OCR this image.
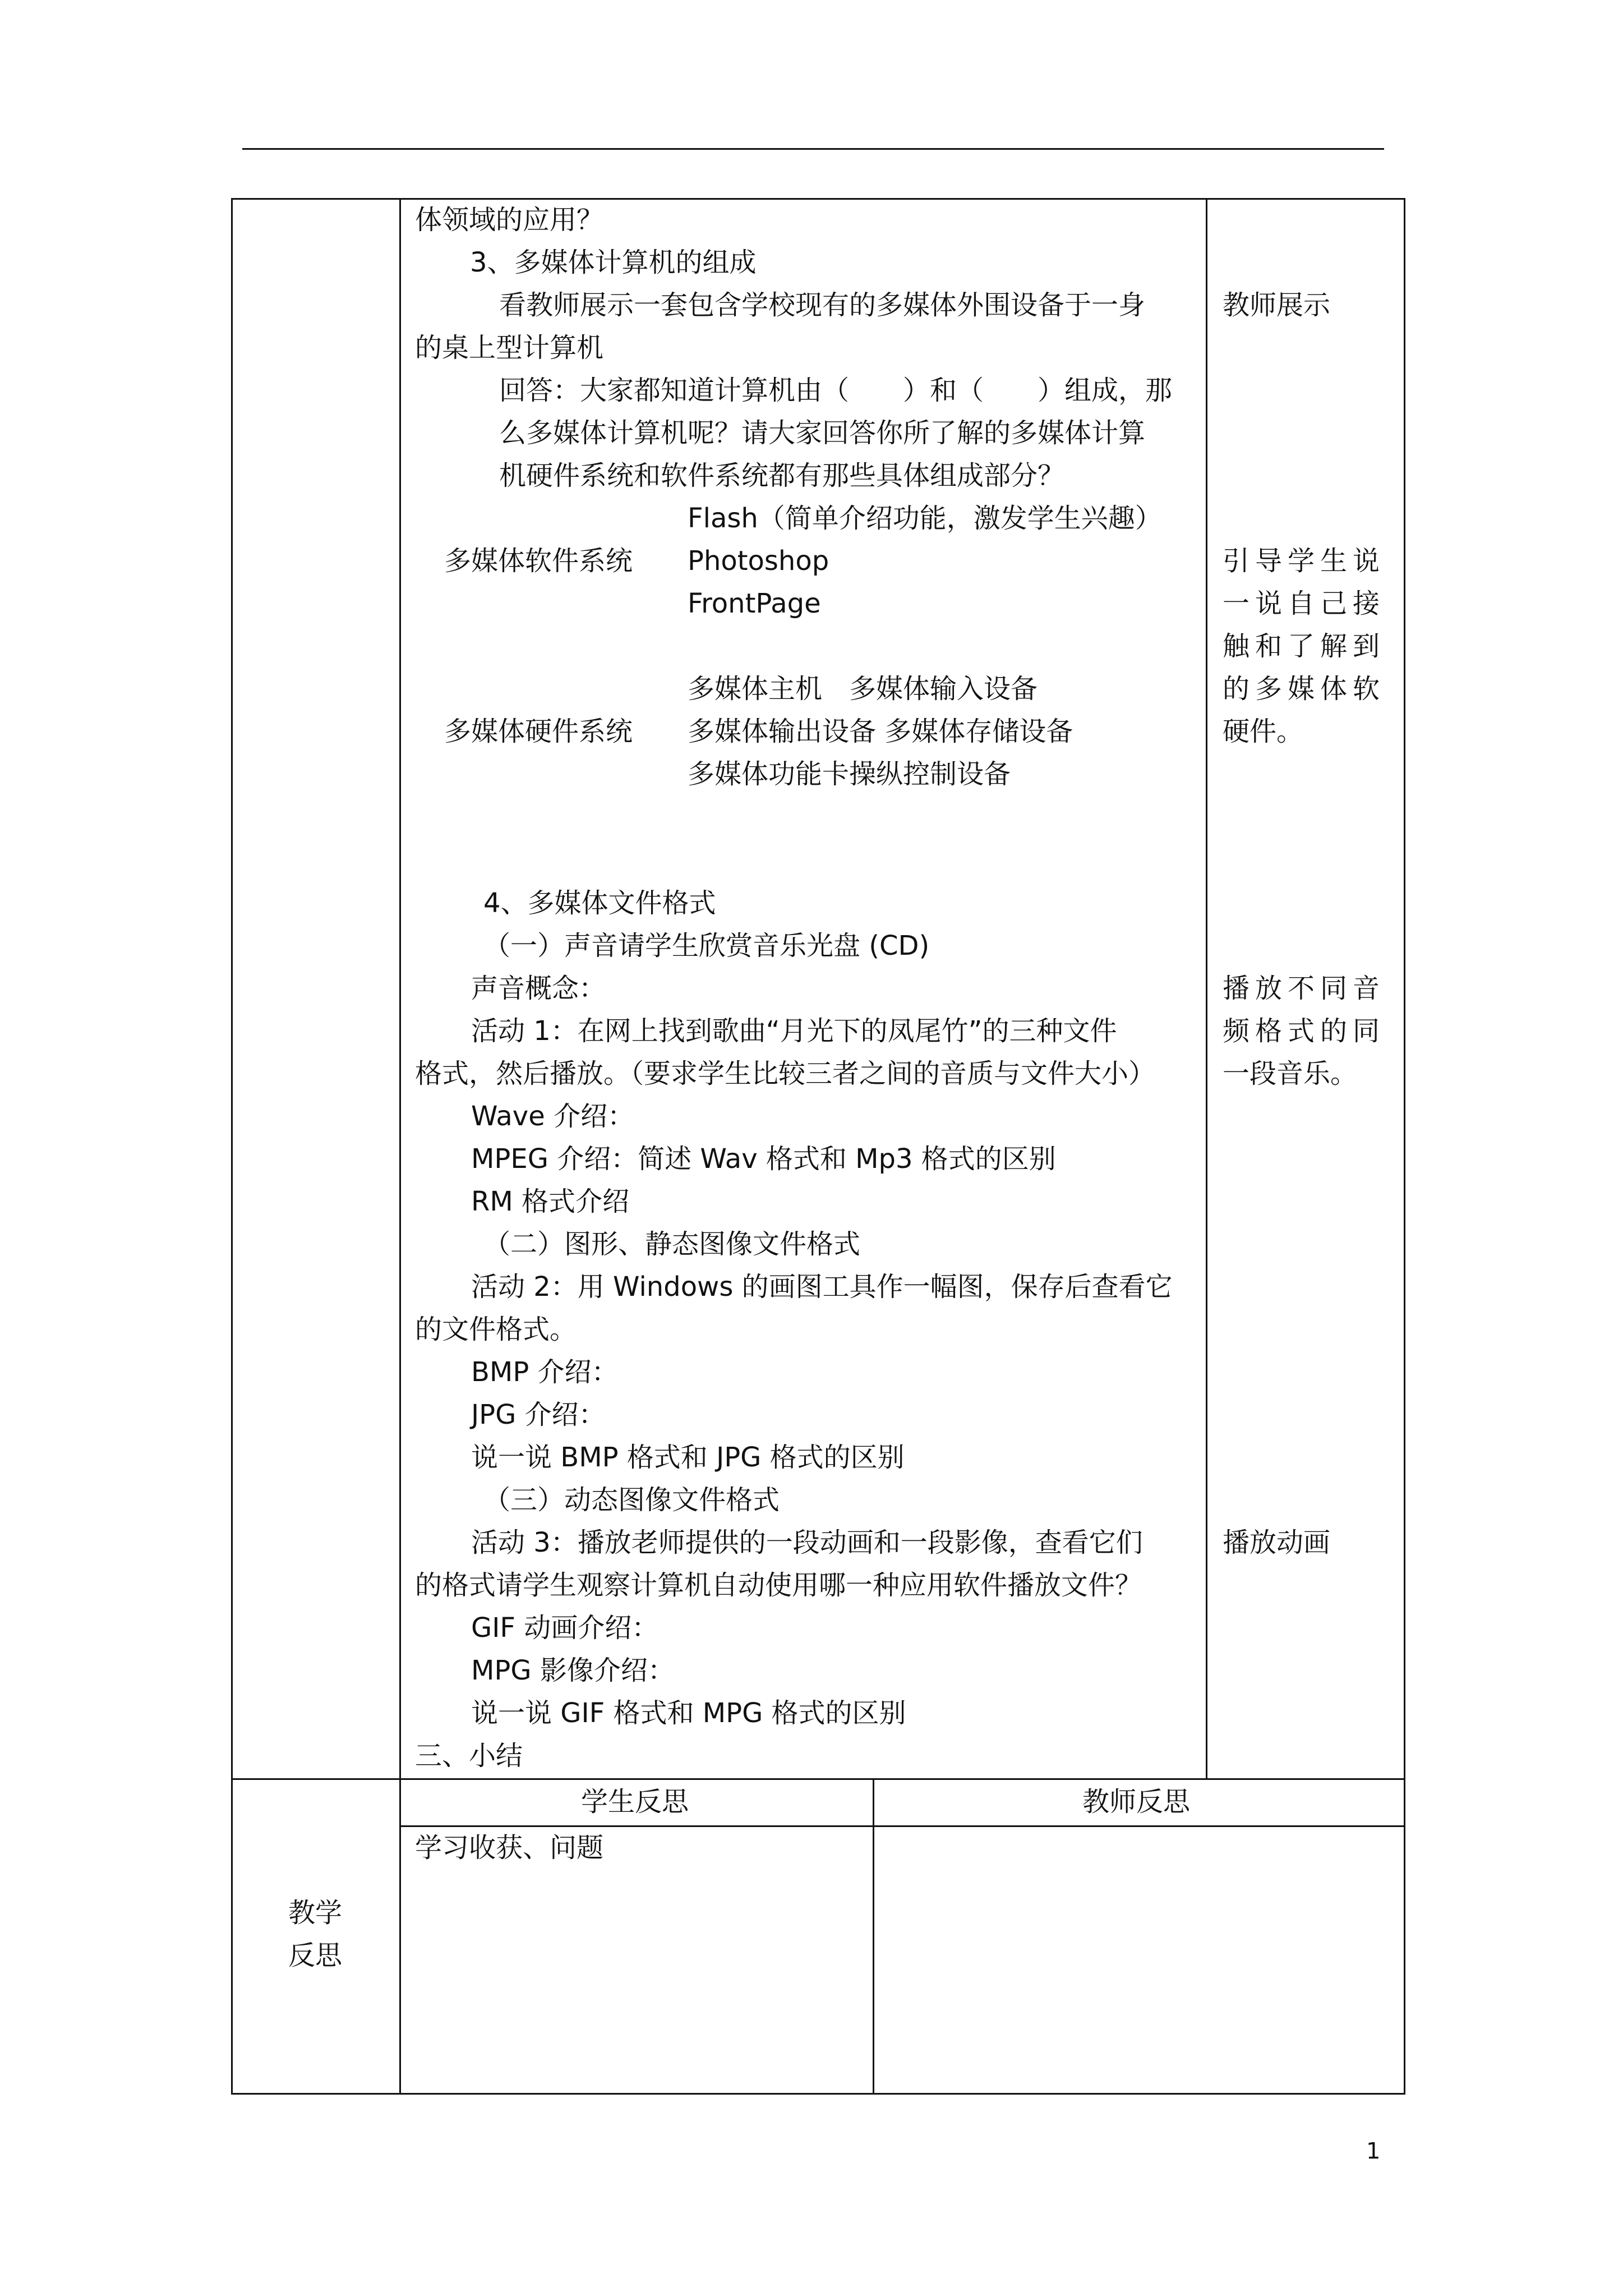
体领域的应用？
3、多媒体计算机的组成
看教师展示一套包含学校现有的多媒体外围设备于一身
的桌上型计算机
回答：大家都知道计算机由（　　）和（　　）组成，那
么多媒体计算机呢？请大家回答你所了解的多媒体计算
机硬件系统和软件系统都有那些具体组成部分？
Flash（简单介绍功能，激发学生兴趣）
多媒体软件系统 Photoshop
FrontPage
多媒体主机　多媒体输入设备
多媒体硬件系统 多媒体输出设备 多媒体存储设备
多媒体功能卡操纵控制设备
4、多媒体文件格式
（一）声音请学生欣赏音乐光盘 (CD)
声音概念：
活动 1：在网上找到歌曲“月光下的凤尾竹”的三种文件
格式，然后播放。（要求学生比较三者之间的音质与文件大小）
Wave 介绍：
MPEG 介绍：简述 Wav 格式和 Mp3 格式的区别
RM 格式介绍
（二）图形、静态图像文件格式
活动 2：用 Windows 的画图工具作一幅图，保存后查看它
的文件格式。
BMP 介绍：
JPG 介绍：
说一说 BMP 格式和 JPG 格式的区别
（三）动态图像文件格式
活动 3：播放老师提供的一段动画和一段影像，查看它们
的格式请学生观察计算机自动使用哪一种应用软件播放文件？
GIF 动画介绍：
MPG 影像介绍：
说一说 GIF 格式和 MPG 格式的区别
三、小结
教师展示
引导学生说
一说自己接
触和了解到
的多媒体软
硬件。
播放不同音
频格式的同
一段音乐。
播放动画
教学
反思
学生反思	教师反思
学习收获、问题
1
